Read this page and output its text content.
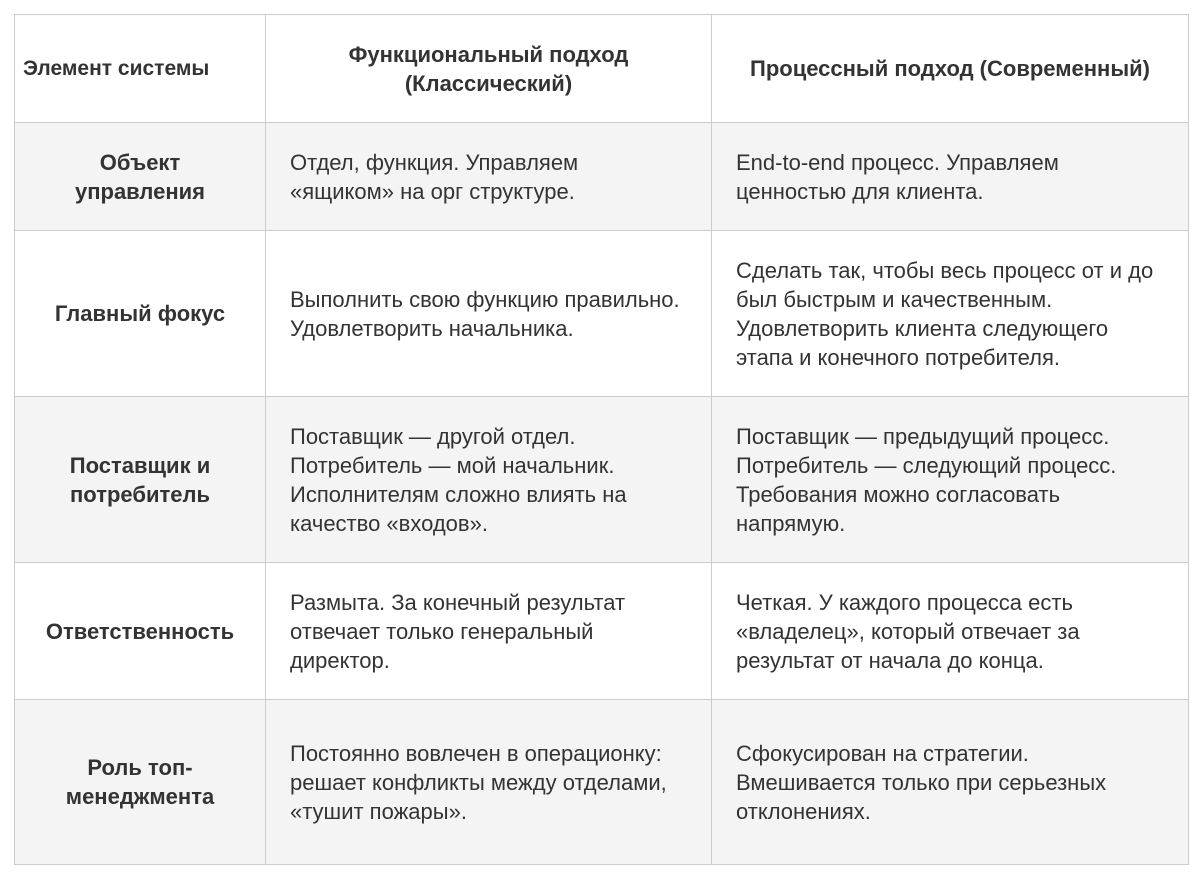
Элемент системы	Функциональный подход (Классический)	Процессный подход (Современный)
Объект управления	Отдел, функция. Управляем «ящиком» на орг структуре.	End-to-end процесс. Управляем ценностью для клиента.
Главный фокус	Выполнить свою функцию правильно. Удовлетворить начальника.	Сделать так, чтобы весь процесс от и до был быстрым и качественным. Удовлетворить клиента следующего этапа и конечного потребителя.
Поставщик и потребитель	Поставщик — другой отдел. Потребитель — мой начальник. Исполнителям сложно влиять на качество «входов».	Поставщик — предыдущий процесс. Потребитель — следующий процесс. Требования можно согласовать напрямую.
Ответственность	Размыта. За конечный результат отвечает только генеральный директор.	Четкая. У каждого процесса есть «владелец», который отвечает за результат от начала до конца.
Роль топ-менеджмента	Постоянно вовлечен в операционку: решает конфликты между отделами, «тушит пожары».	Сфокусирован на стратегии. Вмешивается только при серьезных отклонениях.
